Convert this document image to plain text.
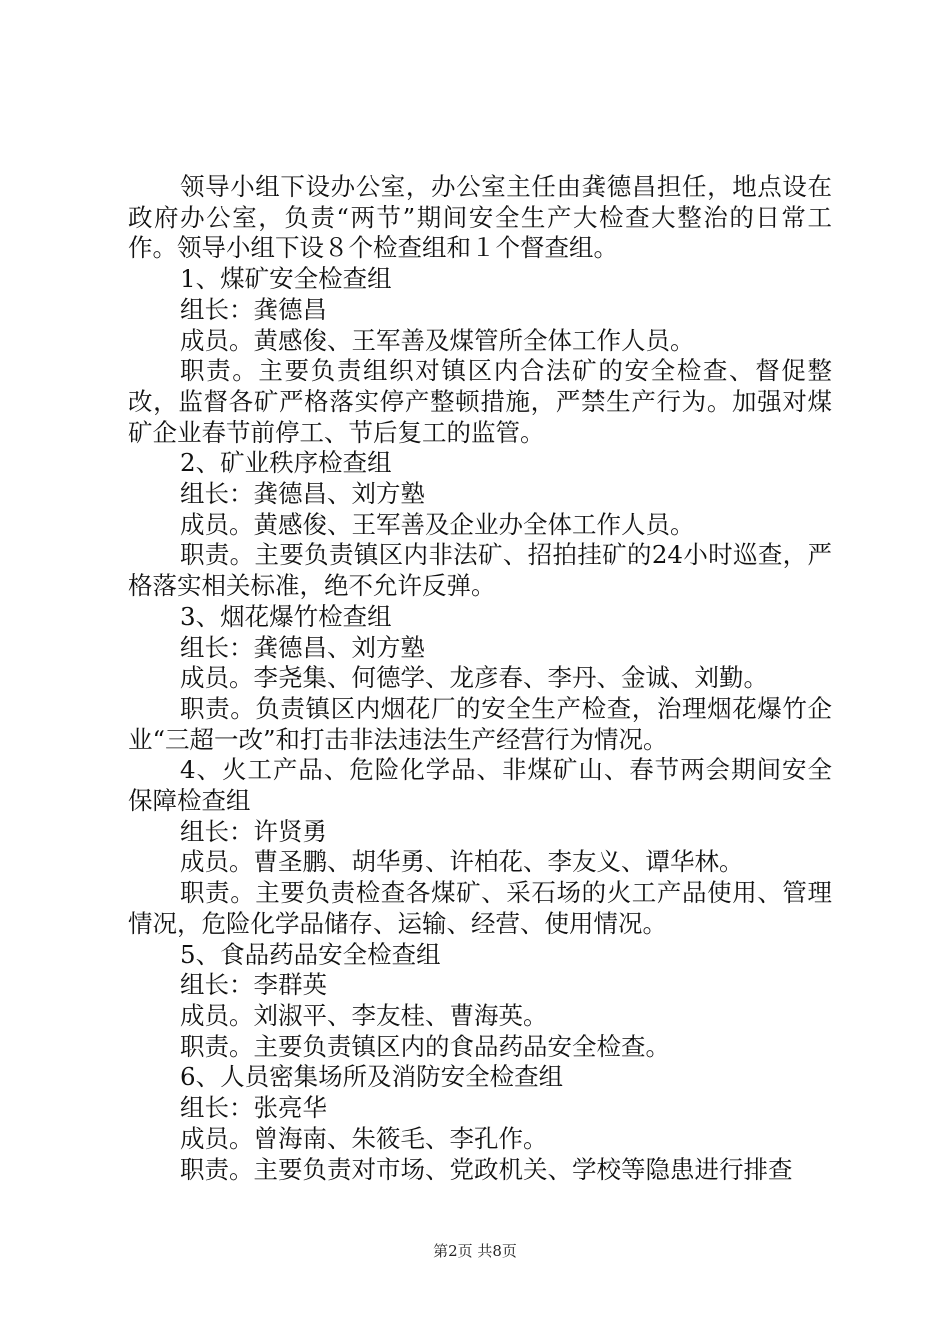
领导小组下设办公室，办公室主任由龚德昌担任，地点设在政府办公室，负责“两节”期间安全生产大检查大整治的日常工作。领导小组下设８个检查组和１个督查组。

1、煤矿安全检查组

组长：龚德昌

成员。黄感俊、王军善及煤管所全体工作人员。

职责。主要负责组织对镇区内合法矿的安全检查、督促整改，监督各矿严格落实停产整顿措施，严禁生产行为。加强对煤矿企业春节前停工、节后复工的监管。

2、矿业秩序检查组

组长：龚德昌、刘方塾

成员。黄感俊、王军善及企业办全体工作人员。

职责。主要负责镇区内非法矿、招拍挂矿的24小时巡查，严格落实相关标准，绝不允许反弹。

3、烟花爆竹检查组

组长：龚德昌、刘方塾

成员。李尧集、何德学、龙彦春、李丹、金诚、刘勤。

职责。负责镇区内烟花厂的安全生产检查，治理烟花爆竹企业“三超一改”和打击非法违法生产经营行为情况。

4、火工产品、危险化学品、非煤矿山、春节两会期间安全保障检查组

组长：许贤勇

成员。曹圣鹏、胡华勇、许柏花、李友义、谭华林。

职责。主要负责检查各煤矿、采石场的火工产品使用、管理情况，危险化学品储存、运输、经营、使用情况。

5、食品药品安全检查组

组长：李群英

成员。刘淑平、李友桂、曹海英。

职责。主要负责镇区内的食品药品安全检查。

6、人员密集场所及消防安全检查组

组长：张亮华

成员。曾海南、朱筱毛、李孔作。

职责。主要负责对市场、党政机关、学校等隐患进行排查

第2页 共8页
